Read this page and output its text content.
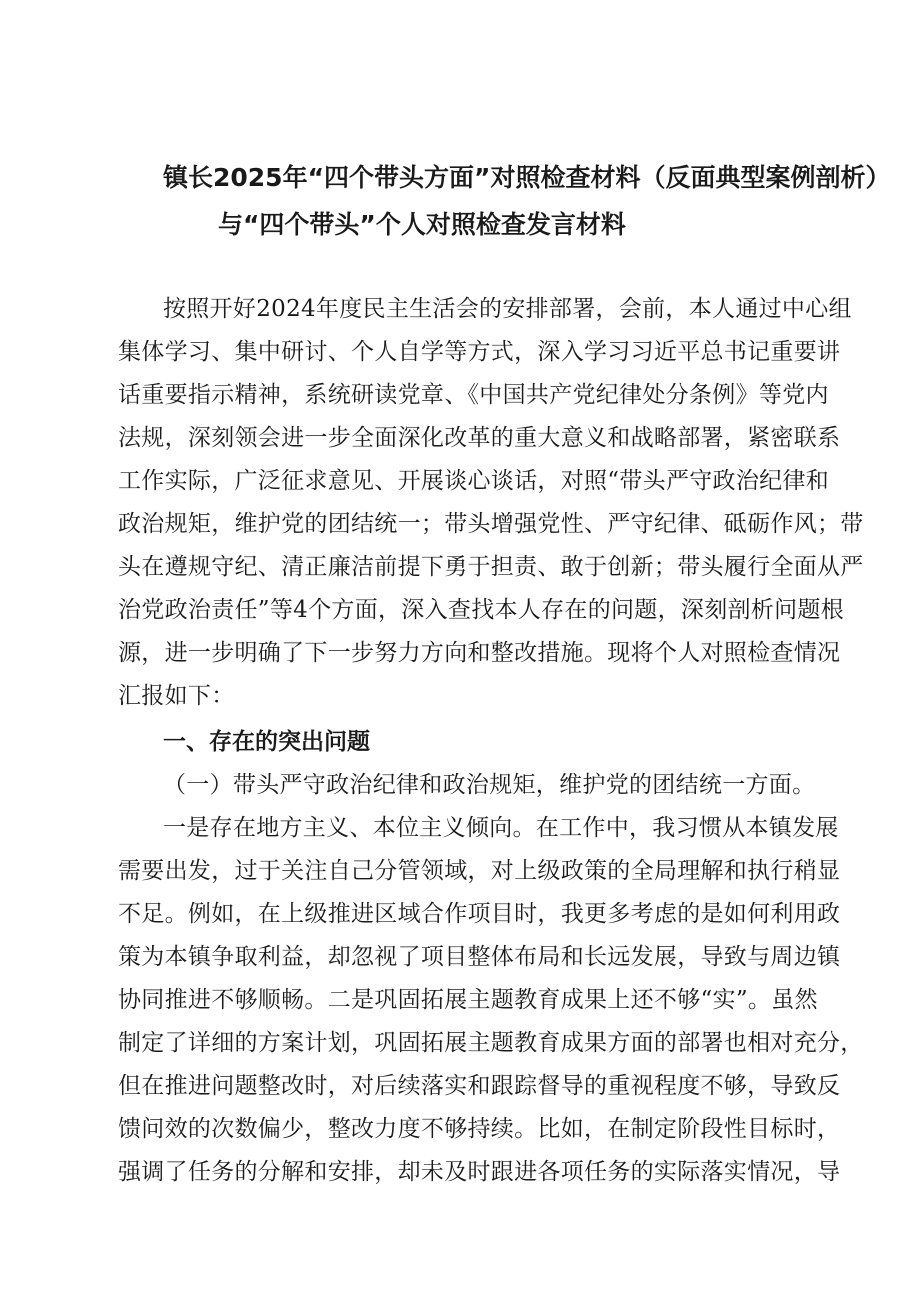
镇长2025年“四个带头方面”对照检查材料（反面典型案例剖析）
与“四个带头”个人对照检查发言材料
按照开好2024年度民主生活会的安排部署，会前，本人通过中心组
集体学习、集中研讨、个人自学等方式，深入学习习近平总书记重要讲
话重要指示精神，系统研读党章、《中国共产党纪律处分条例》等党内
法规，深刻领会进一步全面深化改革的重大意义和战略部署，紧密联系
工作实际，广泛征求意见、开展谈心谈话，对照“带头严守政治纪律和
政治规矩，维护党的团结统一；带头增强党性、严守纪律、砥砺作风；带
头在遵规守纪、清正廉洁前提下勇于担责、敢于创新；带头履行全面从严
治党政治责任”等4个方面，深入查找本人存在的问题，深刻剖析问题根
源，进一步明确了下一步努力方向和整改措施。现将个人对照检查情况
汇报如下：
一、存在的突出问题
（一）带头严守政治纪律和政治规矩，维护党的团结统一方面。
一是存在地方主义、本位主义倾向。在工作中，我习惯从本镇发展
需要出发，过于关注自己分管领域，对上级政策的全局理解和执行稍显
不足。例如，在上级推进区域合作项目时，我更多考虑的是如何利用政
策为本镇争取利益，却忽视了项目整体布局和长远发展，导致与周边镇
协同推进不够顺畅。二是巩固拓展主题教育成果上还不够“实”。虽然
制定了详细的方案计划，巩固拓展主题教育成果方面的部署也相对充分，
但在推进问题整改时，对后续落实和跟踪督导的重视程度不够，导致反
馈问效的次数偏少，整改力度不够持续。比如，在制定阶段性目标时，
强调了任务的分解和安排，却未及时跟进各项任务的实际落实情况，导
